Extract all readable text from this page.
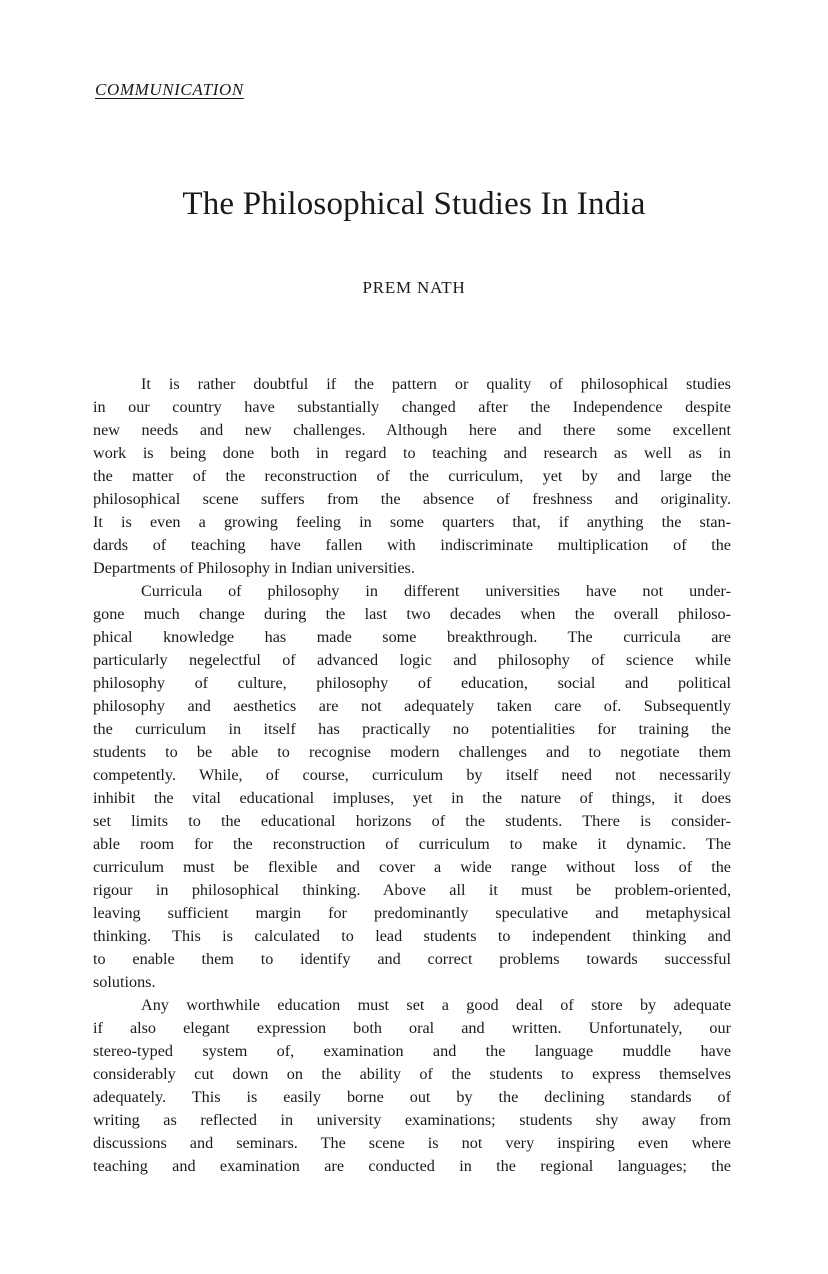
COMMUNICATION
The Philosophical Studies In India
PREM NATH
It is rather doubtful if the pattern or quality of philosophical studies
in our country have substantially changed after the Independence despite
new needs and new challenges. Although here and there some excellent
work is being done both in regard to teaching and research as well as in
the matter of the reconstruction of the curriculum, yet by and large the
philosophical scene suffers from the absence of freshness and originality.
It is even a growing feeling in some quarters that, if anything the stan-
dards of teaching have fallen with indiscriminate multiplication of the
Departments of Philosophy in Indian universities.
Curricula of philosophy in different universities have not under-
gone much change during the last two decades when the overall philoso-
phical knowledge has made some breakthrough. The curricula are
particularly negelectful of advanced logic and philosophy of science while
philosophy of culture, philosophy of education, social and political
philosophy and aesthetics are not adequately taken care of. Subsequently
the curriculum in itself has practically no potentialities for training the
students to be able to recognise modern challenges and to negotiate them
competently. While, of course, curriculum by itself need not necessarily
inhibit the vital educational impluses, yet in the nature of things, it does
set limits to the educational horizons of the students. There is consider-
able room for the reconstruction of curriculum to make it dynamic. The
curriculum must be flexible and cover a wide range without loss of the
rigour in philosophical thinking. Above all it must be problem-oriented,
leaving sufficient margin for predominantly speculative and metaphysical
thinking. This is calculated to lead students to independent thinking and
to enable them to identify and correct problems towards successful
solutions.
Any worthwhile education must set a good deal of store by adequate
if also elegant expression both oral and written. Unfortunately, our
stereo-typed system of, examination and the language muddle have
considerably cut down on the ability of the students to express themselves
adequately. This is easily borne out by the declining standards of
writing as reflected in university examinations; students shy away from
discussions and seminars. The scene is not very inspiring even where
teaching and examination are conducted in the regional languages; the
